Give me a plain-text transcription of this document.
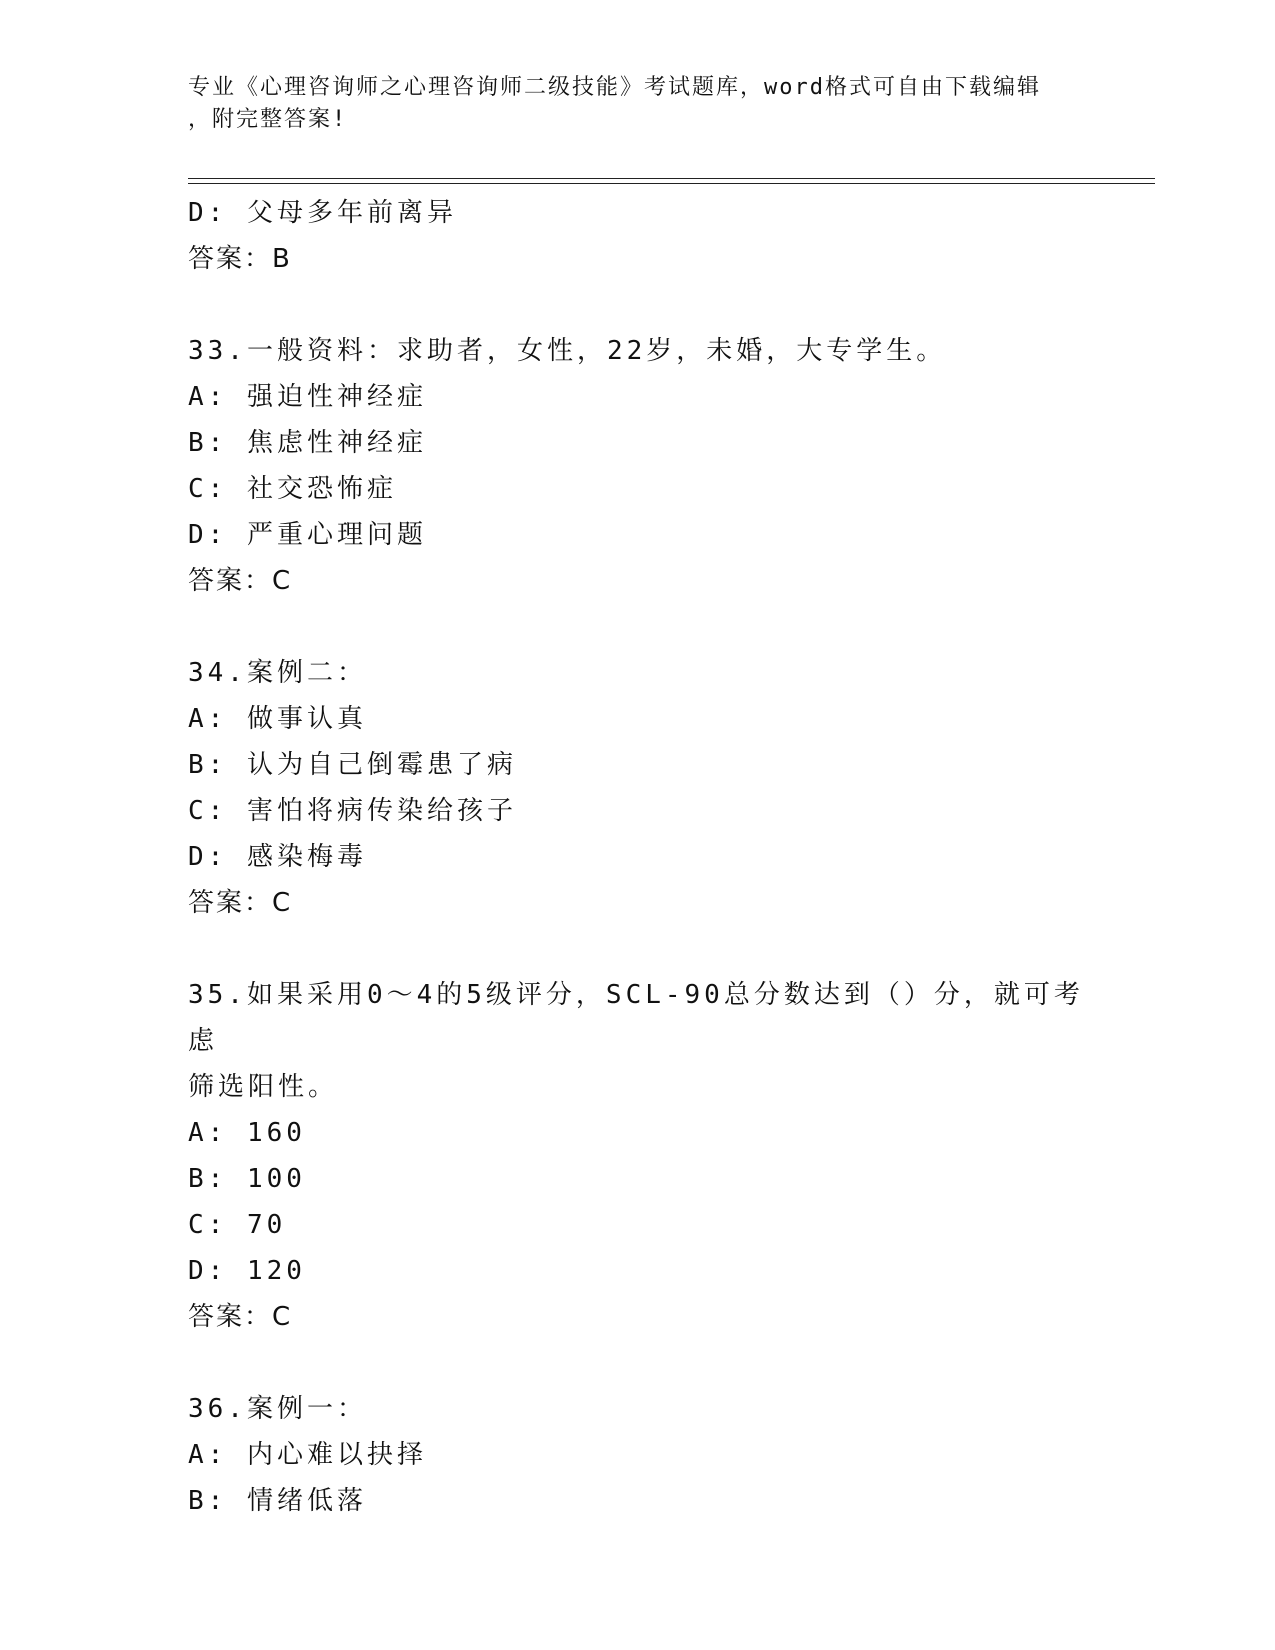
专业《心理咨询师之心理咨询师二级技能》考试题库，word格式可自由下载编辑
，附完整答案!
D: 父母多年前离异
答案：B
33.一般资料：求助者，女性，22岁，未婚，大专学生。
A: 强迫性神经症
B: 焦虑性神经症
C: 社交恐怖症
D: 严重心理问题
答案：C
34.案例二：
A: 做事认真
B: 认为自己倒霉患了病
C: 害怕将病传染给孩子
D: 感染梅毒
答案：C
35.如果采用0～4的5级评分，SCL-90总分数达到（）分，就可考虑
筛选阳性。
A: 160
B: 100
C: 70
D: 120
答案：C
36.案例一：
A: 内心难以抉择
B: 情绪低落
